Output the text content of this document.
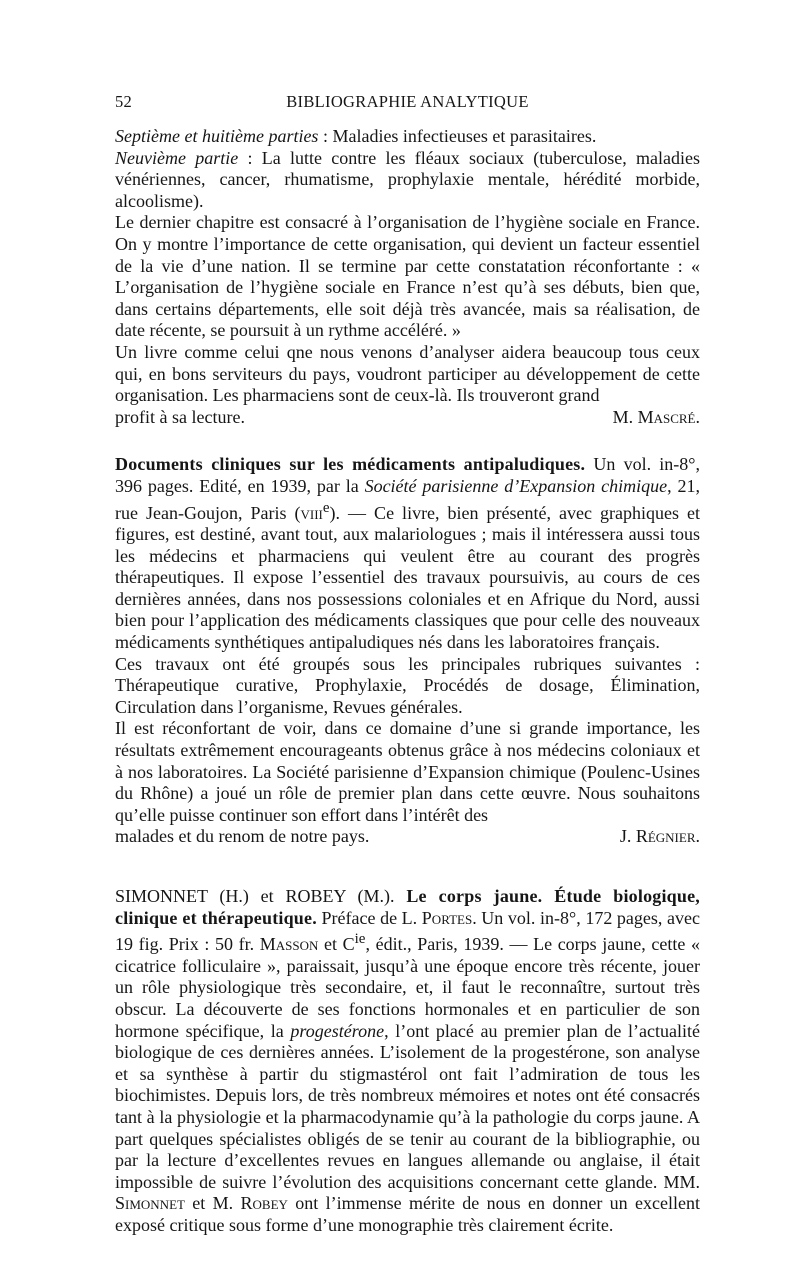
52	BIBLIOGRAPHIE ANALYTIQUE

Septième et huitième parties : Maladies infectieuses et parasitaires.

Neuvième partie : La lutte contre les fléaux sociaux (tuberculose, maladies vénériennes, cancer, rhumatisme, prophylaxie mentale, hérédité morbide, alcoolisme).

Le dernier chapitre est consacré à l’organisation de l’hygiène sociale en France. On y montre l’importance de cette organisation, qui devient un facteur essentiel de la vie d’une nation. Il se termine par cette constatation réconfortante : « L’organisation de l’hygiène sociale en France n’est qu’à ses débuts, bien que, dans certains départements, elle soit déjà très avancée, mais sa réalisation, de date récente, se poursuit à un rythme accéléré. »

Un livre comme celui qne nous venons d’analyser aidera beaucoup tous ceux qui, en bons serviteurs du pays, voudront participer au développement de cette organisation. Les pharmaciens sont de ceux-là. Ils trouveront grand

profit à sa lecture.	M. Mascré.

Documents cliniques sur les médicaments antipaludiques. Un vol. in-8°, 396 pages. Edité, en 1939, par la Société parisienne d’Expansion chimique, 21, rue Jean-Goujon, Paris (viii$^e$). — Ce livre, bien présenté, avec graphiques et figures, est destiné, avant tout, aux malariologues ; mais il intéressera aussi tous les médecins et pharmaciens qui veulent être au courant des progrès thérapeutiques. Il expose l’essentiel des travaux poursuivis, au cours de ces dernières années, dans nos possessions coloniales et en Afrique du Nord, aussi bien pour l’application des médicaments classiques que pour celle des nouveaux médicaments synthétiques antipaludiques nés dans les laboratoires français.

Ces travaux ont été groupés sous les principales rubriques suivantes : Thérapeutique curative, Prophylaxie, Procédés de dosage, Élimination, Circulation dans l’organisme, Revues générales.

Il est réconfortant de voir, dans ce domaine d’une si grande importance, les résultats extrêmement encourageants obtenus grâce à nos médecins coloniaux et à nos laboratoires. La Société parisienne d’Expansion chimique (Poulenc-Usines du Rhône) a joué un rôle de premier plan dans cette œuvre. Nous souhaitons qu’elle puisse continuer son effort dans l’intérêt des

malades et du renom de notre pays.	J. Régnier.

SIMONNET (H.) et ROBEY (M.). Le corps jaune. Étude biologique, clinique et thérapeutique. Préface de L. Portes. Un vol. in-8°, 172 pages, avec 19 fig. Prix : 50 fr. Masson et $C^{ie}$, édit., Paris, 1939. — Le corps jaune, cette « cicatrice folliculaire », paraissait, jusqu’à une époque encore très récente, jouer un rôle physiologique très secondaire, et, il faut le reconnaître, surtout très obscur. La découverte de ses fonctions hormonales et en particulier de son hormone spécifique, la progestérone, l’ont placé au premier plan de l’actualité biologique de ces dernières années. L’isolement de la progestérone, son analyse et sa synthèse à partir du stigmastérol ont fait l’admiration de tous les biochimistes. Depuis lors, de très nombreux mémoires et notes ont été consacrés tant à la physiologie et la pharmacodynamie qu’à la pathologie du corps jaune. A part quelques spécialistes obligés de se tenir au courant de la bibliographie, ou par la lecture d’excellentes revues en langues allemande ou anglaise, il était impossible de suivre l’évolution des acquisitions concernant cette glande. MM. Simonnet et M. Robey ont l’immense mérite de nous en donner un excellent exposé critique sous forme d’une monographie très clairement écrite.
